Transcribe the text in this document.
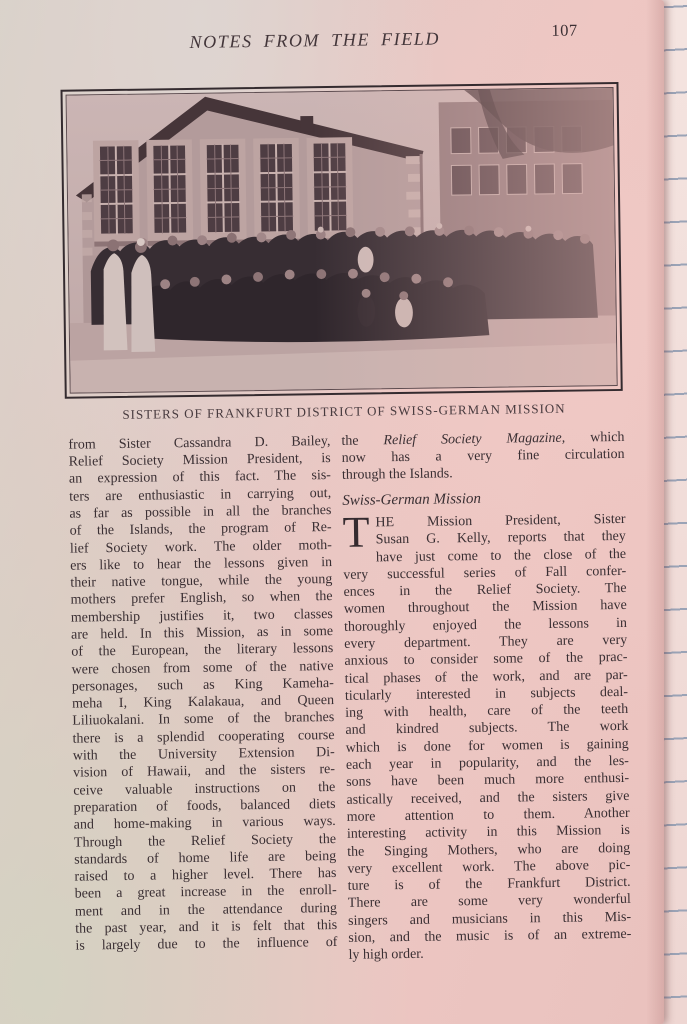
NOTES FROM THE FIELD	107
SISTERS OF FRANKFURT DISTRICT OF SWISS-GERMAN MISSION
from Sister Cassandra D. Bailey,
Relief Society Mission President, is
an expression of this fact. The sis-
ters are enthusiastic in carrying out,
as far as possible in all the branches
of the Islands, the program of Re-
lief Society work. The older moth-
ers like to hear the lessons given in
their native tongue, while the young
mothers prefer English, so when the
membership justifies it, two classes
are held. In this Mission, as in some
of the European, the literary lessons
were chosen from some of the native
personages, such as King Kameha-
meha I, King Kalakaua, and Queen
Liliuokalani. In some of the branches
there is a splendid cooperating course
with the University Extension Di-
vision of Hawaii, and the sisters re-
ceive valuable instructions on the
preparation of foods, balanced diets
and home-making in various ways.
Through the Relief Society the
standards of home life are being
raised to a higher level. There has
been a great increase in the enroll-
ment and in the attendance during
the past year, and it is felt that this
is largely due to the influence of
the Relief Society Magazine, which
now has a very fine circulation
through the Islands.
Swiss-German Mission
T HE Mission President, Sister
Susan G. Kelly, reports that they
have just come to the close of the
very successful series of Fall confer-
ences in the Relief Society. The
women throughout the Mission have
thoroughly enjoyed the lessons in
every department. They are very
anxious to consider some of the prac-
tical phases of the work, and are par-
ticularly interested in subjects deal-
ing with health, care of the teeth
and kindred subjects. The work
which is done for women is gaining
each year in popularity, and the les-
sons have been much more enthusi-
astically received, and the sisters give
more attention to them. Another
interesting activity in this Mission is
the Singing Mothers, who are doing
very excellent work. The above pic-
ture is of the Frankfurt District.
There are some very wonderful
singers and musicians in this Mis-
sion, and the music is of an extreme-
ly high order.
